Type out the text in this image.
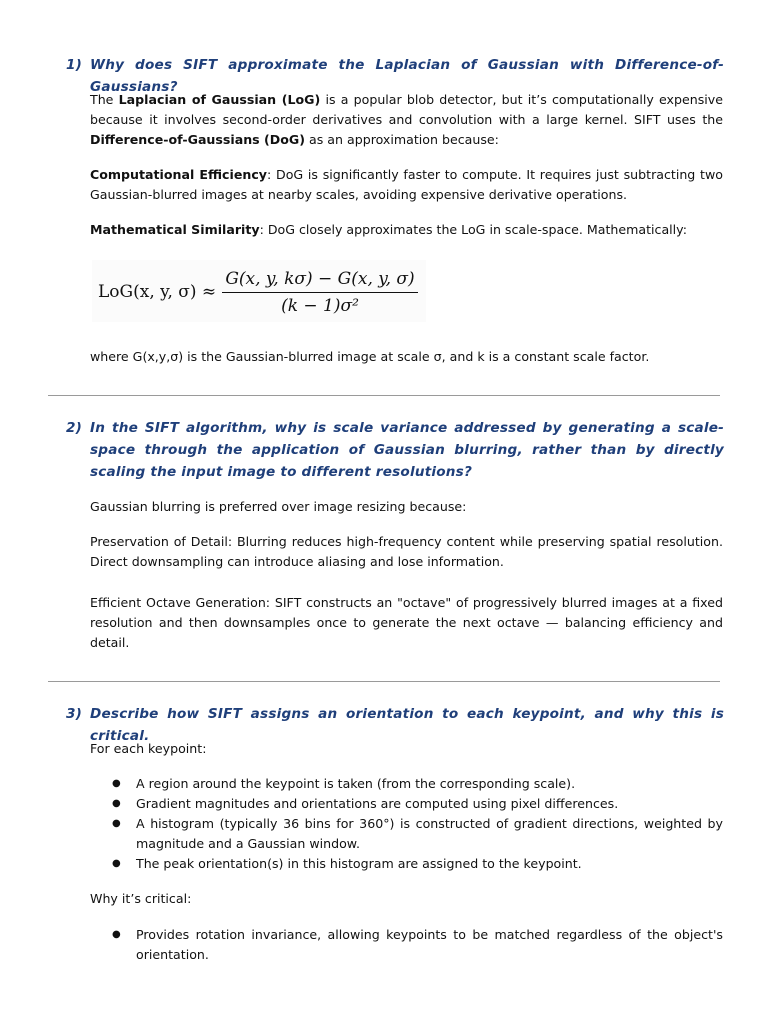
1) Why does SIFT approximate the Laplacian of Gaussian with Difference-of-Gaussians?

The Laplacian of Gaussian (LoG) is a popular blob detector, but it’s computationally expensive because it involves second-order derivatives and convolution with a large kernel. SIFT uses the Difference-of-Gaussians (DoG) as an approximation because:

Computational Efficiency: DoG is significantly faster to compute. It requires just subtracting two Gaussian-blurred images at nearby scales, avoiding expensive derivative operations.

Mathematical Similarity: DoG closely approximates the LoG in scale-space. Mathematically:

LoG(x, y, σ) ≈
G(x, y, kσ) − G(x, y, σ)
(k − 1)σ²

where G(x,y,σ) is the Gaussian-blurred image at scale σ, and k is a constant scale factor.

2) In the SIFT algorithm, why is scale variance addressed by generating a scale-space through the application of Gaussian blurring, rather than by directly scaling the input image to different resolutions?

Gaussian blurring is preferred over image resizing because:

Preservation of Detail: Blurring reduces high-frequency content while preserving spatial resolution. Direct downsampling can introduce aliasing and lose information.

Efficient Octave Generation: SIFT constructs an "octave" of progressively blurred images at a fixed resolution and then downsamples once to generate the next octave — balancing efficiency and detail.

3) Describe how SIFT assigns an orientation to each keypoint, and why this is critical.

For each keypoint:

● A region around the keypoint is taken (from the corresponding scale).
● Gradient magnitudes and orientations are computed using pixel differences.
● A histogram (typically 36 bins for 360°) is constructed of gradient directions, weighted by magnitude and a Gaussian window.
● The peak orientation(s) in this histogram are assigned to the keypoint.

Why it’s critical:

● Provides rotation invariance, allowing keypoints to be matched regardless of the object's orientation.
